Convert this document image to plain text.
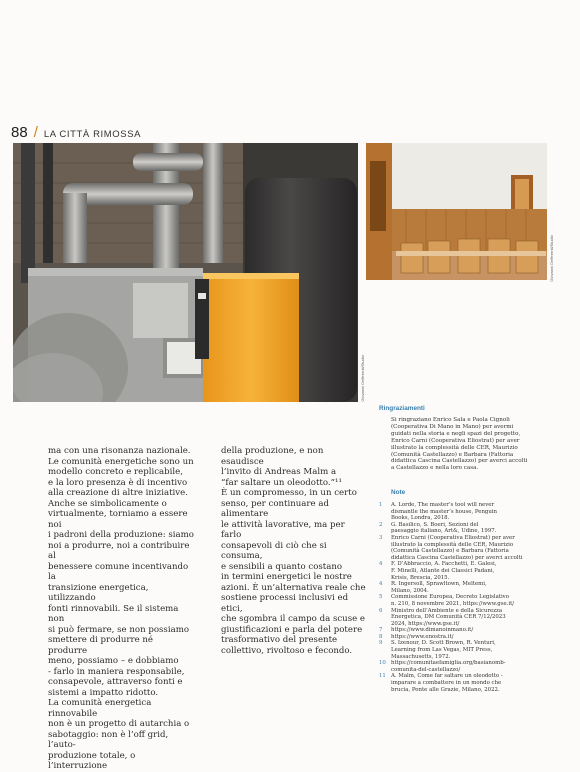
88 / LA CITTÀ RIMOSSA
Giovanni Defferenti/Studio
Giovanni Defferenti/Studio

ma con una risonanza nazionale.

Le comunità energetiche sono un

modello concreto e replicabile,

e la loro presenza è di incentivo

alla creazione di altre iniziative.

Anche se simbolicamente o

virtualmente, torniamo a essere noi

i padroni della produzione: siamo

noi a produrre, noi a contribuire al

benessere comune incentivando la

transizione energetica, utilizzando

fonti rinnovabili. Se il sistema non

si può fermare, se non possiamo

smettere di produrre né produrre

meno, possiamo – e dobbiamo

- farlo in maniera responsabile,

consapevole, attraverso fonti e

sistemi a impatto ridotto.

La comunità energetica rinnovabile

non è un progetto di autarchia o

sabotaggio: non è l’off grid, l’auto-

produzione totale, o l’interruzione

della produzione, e non esaudisce

l’invito di Andreas Malm a

“far saltare un oleodotto.”¹¹

È un compromesso, in un certo

senso, per continuare ad alimentare

le attività lavorative, ma per farlo

consapevoli di ciò che si consuma,

e sensibili a quanto costano

in termini energetici le nostre

azioni. È un’alternativa reale che

sostiene processi inclusivi ed etici,

che sgombra il campo da scuse e

giustificazioni e parla del potere

trasformativo del presente

collettivo, rivoltoso e fecondo.

Ringraziamenti
Si ringraziano Enrico Sala e Paola Cignoli
(Cooperativa Di Mano in Mano) per avermi
guidati nella storia e negli spazi del progetto,
Enrico Carni (Cooperativa Eliostrat) per aver
illustrato la complessità delle CER, Maurizio
(Comunità Castellazzo) e Barbara (Fattoria
didattica Cascina Castellazzo) per averci accolti
a Castellazzo e nella loro casa.
Note
1	A. Lorde, The master’s tool will never
dismantle the master’s house, Penguin
Books, Londra, 2018.
2	G. Basilico, S. Boeri, Sezioni del
paesaggio italiano, Art&, Udine, 1997.
3	Enrico Carni (Cooperativa Eliostrat) per aver
illustrato la complessità delle CER, Maurizio
(Comunità Castellazzo) e Barbara (Fattoria
didattica Cascina Castellazzo) per averci accolti
4	F. D’Abbraccio, A. Facchetti, E. Galesi,
F. Minelli, Atlante dei Classici Padani,
Krisis, Brescia, 2015.
4	R. Ingersoll, Sprawltown, Meltemi,
Milano, 2004.
5	Commissione Europea, Decreto Legislativo
n. 210, 8 novembre 2021, https://www.gse.it/
6	Ministro dell’Ambiente e della Sicurezza
Energetica, DM Comunità CER 7/12/2023
2024, https://www.gse.it/
7	https://www.dimanoinmano.it/
8	https://www.enostra.it/
9	S. Izenour, D. Scott Brown, R. Venturi,
Learning from Las Vegas, MIT Press,
Massachusetts, 1972.
10 https://comunitaefamiglia.org/basianomb-
comunita-del-castellazzo/
11 A. Malm, Come far saltare un oleodotto -
imparare a combattere in un mondo che
brucia, Ponte alle Grazie, Milano, 2022.
